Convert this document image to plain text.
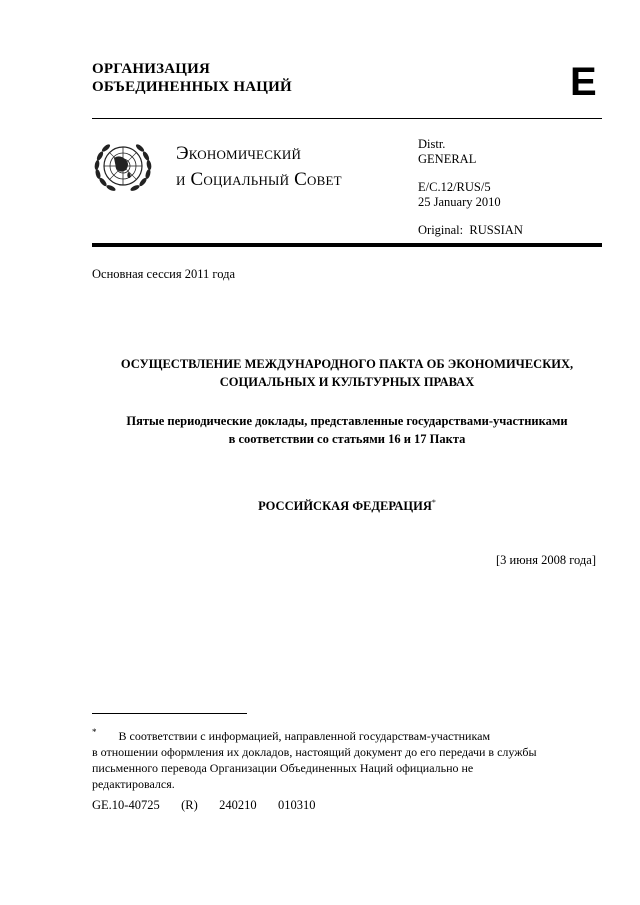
ОРГАНИЗАЦИЯ
ОБЪЕДИНЕННЫХ НАЦИЙ	E
Экономический
и Социальный Совет
Distr.
GENERAL
E/C.12/RUS/5
25 January 2010
Original:  RUSSIAN
Основная сессия 2011 года
ОСУЩЕСТВЛЕНИЕ МЕЖДУНАРОДНОГО ПАКТА ОБ ЭКОНОМИЧЕСКИХ,
СОЦИАЛЬНЫХ И КУЛЬТУРНЫХ ПРАВАХ
Пятые периодические доклады, представленные государствами-участниками
в соответствии со статьями 16 и 17 Пакта
РОССИЙСКАЯ ФЕДЕРАЦИЯ*
[3 июня 2008 года]
* В соответствии с информацией, направленной государствам-участникам
в отношении оформления их докладов, настоящий документ до его передачи в службы
письменного перевода Организации Объединенных Наций официально не
редактировался.
GE.10-40725   (R)   240210   010310
